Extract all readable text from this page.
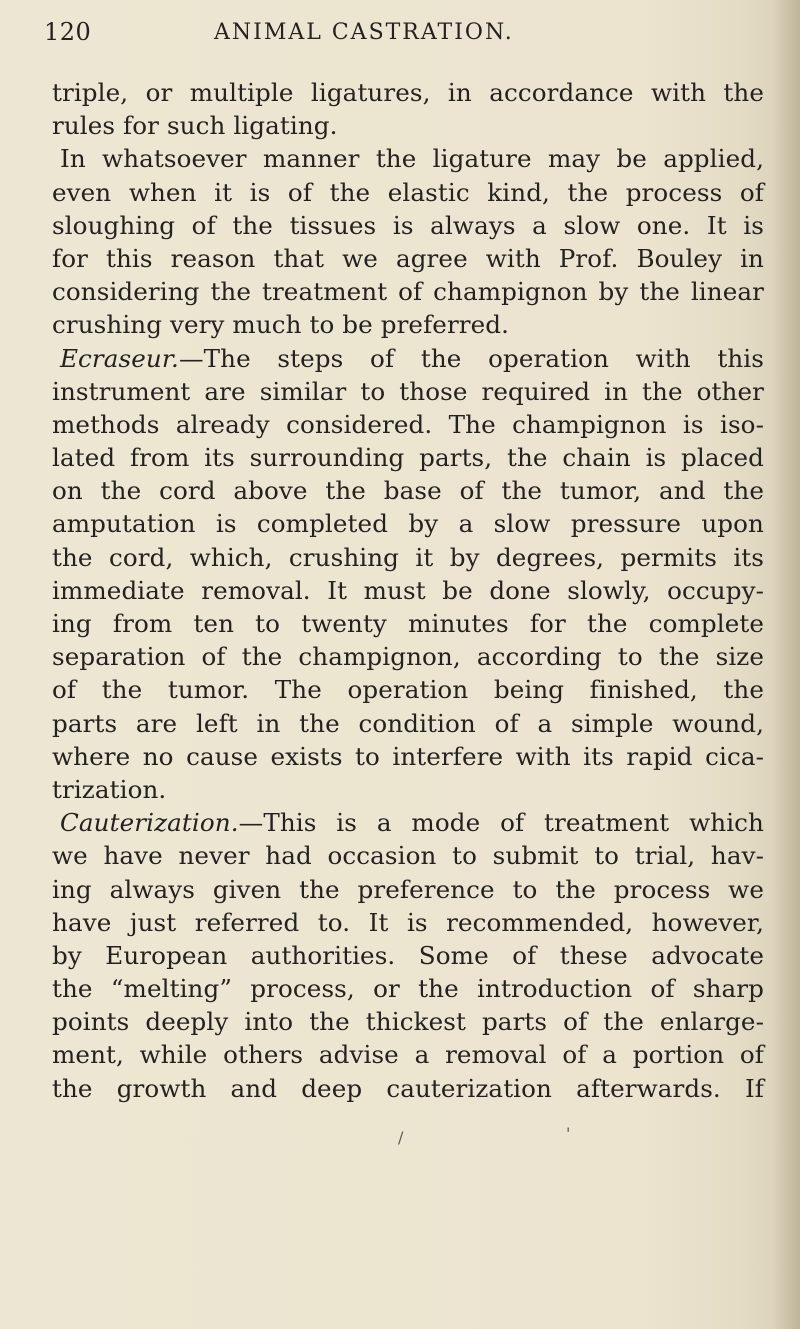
120	ANIMAL CASTRATION.
triple, or multiple ligatures, in accordance with the
rules for such ligating.
In whatsoever manner the ligature may be applied,
even when it is of the elastic kind, the process of
sloughing of the tissues is always a slow one. It is
for this reason that we agree with Prof. Bouley in
considering the treatment of champignon by the linear
crushing very much to be preferred.
Ecraseur.—The steps of the operation with this
instrument are similar to those required in the other
methods already considered. The champignon is iso-
lated from its surrounding parts, the chain is placed
on the cord above the base of the tumor, and the
amputation is completed by a slow pressure upon
the cord, which, crushing it by degrees, permits its
immediate removal. It must be done slowly, occupy-
ing from ten to twenty minutes for the complete
separation of the champignon, according to the size
of the tumor. The operation being finished, the
parts are left in the condition of a simple wound,
where no cause exists to interfere with its rapid cica-
trization.
Cauterization.—This is a mode of treatment which
we have never had occasion to submit to trial, hav-
ing always given the preference to the process we
have just referred to. It is recommended, however,
by European authorities. Some of these advocate
the “melting” process, or the introduction of sharp
points deeply into the thickest parts of the enlarge-
ment, while others advise a removal of a portion of
the growth and deep cauterization afterwards. If
/	'
